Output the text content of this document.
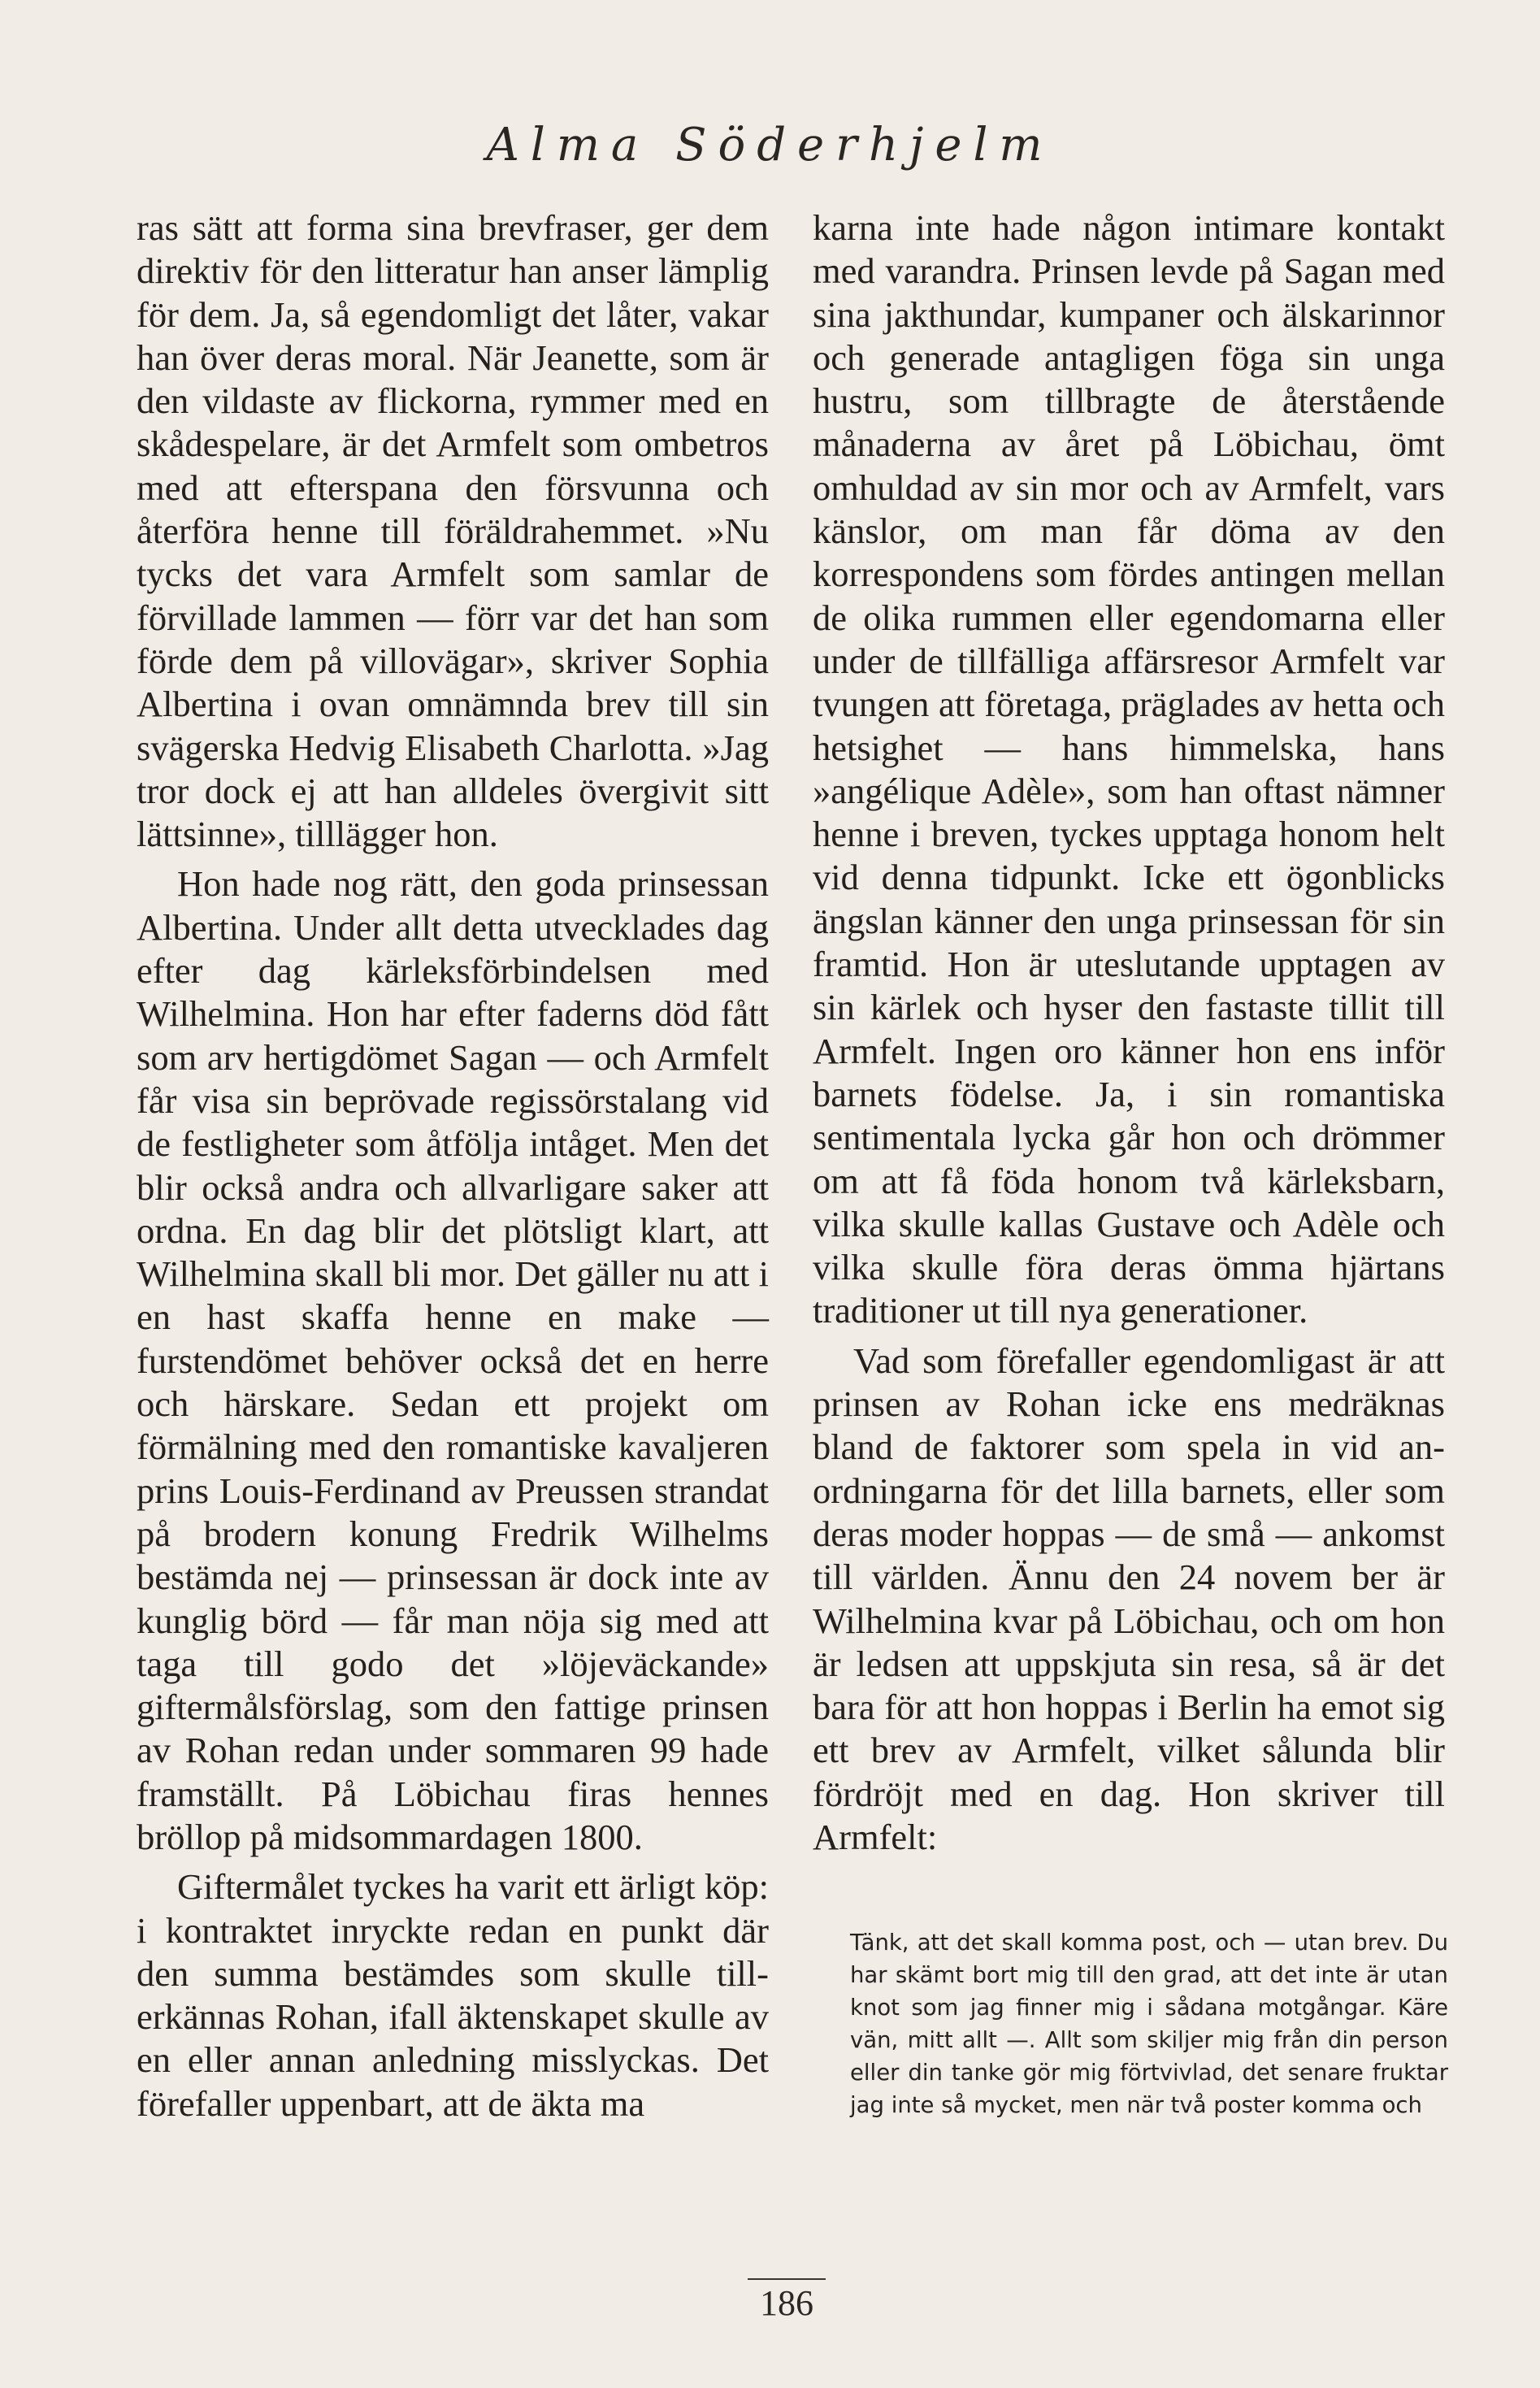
Alma Söderhjelm

ras sätt att forma sina brevfraser, ger dem direktiv för den litteratur han anser lämplig för dem. Ja, så egendomligt det låter, vakar han över deras moral. När Jeanette, som är den vildaste av flickorna, rymmer med en skådespelare, är det Armfelt som ombetros med att efterspana den försvunna och återföra henne till föräldrahemmet. »Nu tycks det vara Armfelt som samlar de förvillade lammen — förr var det han som förde dem på villovägar», skriver Sophia Albertina i ovan omnämnda brev till sin svägerska Hedvig Elisabeth Charlotta. »Jag tror dock ej att han alldeles övergivit sitt lättsinne», tilllägger hon.

Hon hade nog rätt, den goda prinsessan Albertina. Under allt detta utvecklades dag efter dag kärleksförbindelsen med Wilhelmina. Hon har efter faderns död fått som arv hertigdömet Sagan — och Armfelt får visa sin beprövade regissörstalang vid de festligheter som åtfölja intåget. Men det blir också andra och allvarligare saker att ordna. En dag blir det plötsligt klart, att Wilhelmina skall bli mor. Det gäller nu att i en hast skaffa henne en make — furstendömet behöver också det en herre och härskare. Sedan ett projekt om förmälning med den romantiske kavaljeren prins Louis-Ferdinand av Preussen strandat på brodern konung Fredrik Wilhelms bestämda nej — prinsessan är dock inte av kunglig börd — får man nöja sig med att taga till godo det »löjeväckande» giftermålsförslag, som den fattige prinsen av Rohan redan under sommaren 99 hade framställt. På Löbichau firas hennes bröllop på midsommardagen 1800.

Giftermålet tyckes ha varit ett ärligt köp: i kontraktet inryckte redan en punkt där den summa bestämdes som skulle tillerkännas Rohan, ifall äktenskapet skulle av en eller annan anledning misslyckas. Det förefaller uppenbart, att de äkta ma

karna inte hade någon intimare kontakt med varandra. Prinsen levde på Sagan med sina jakthundar, kumpaner och älskarinnor och generade antagligen föga sin unga hustru, som tillbragte de återstående månaderna av året på Löbichau, ömt omhuldad av sin mor och av Armfelt, vars känslor, om man får döma av den korrespondens som fördes antingen mellan de olika rummen eller egendomarna eller under de tillfälliga affärsresor Armfelt var tvungen att företaga, präglades av hetta och hetsighet — hans himmelska, hans »angélique Adèle», som han oftast nämner henne i breven, tyckes upptaga honom helt vid denna tidpunkt. Icke ett ögonblicks ängslan känner den unga prinsessan för sin framtid. Hon är uteslutande upptagen av sin kärlek och hyser den fastaste tillit till Armfelt. Ingen oro känner hon ens inför barnets födelse. Ja, i sin romantiska sentimentala lycka går hon och drömmer om att få föda honom två kärleksbarn, vilka skulle kallas Gustave och Adèle och vilka skulle föra deras ömma hjärtans traditioner ut till nya generationer.

Vad som förefaller egendomligast är att prinsen av Rohan icke ens medräknas bland de faktorer som spela in vid anordningarna för det lilla barnets, eller som deras moder hoppas — de små — ankomst till världen. Ännu den 24 novem ber är Wilhelmina kvar på Löbichau, och om hon är ledsen att uppskjuta sin resa, så är det bara för att hon hoppas i Berlin ha emot sig ett brev av Armfelt, vilket sålunda blir fördröjt med en dag. Hon skriver till Armfelt:

Tänk, att det skall komma post, och — utan brev. Du har skämt bort mig till den grad, att det inte är utan knot som jag finner mig i sådana motgångar. Käre vän, mitt allt —. Allt som skiljer mig från din person eller din tanke gör mig förtvivlad, det senare fruktar jag inte så mycket, men när två poster komma och

186
